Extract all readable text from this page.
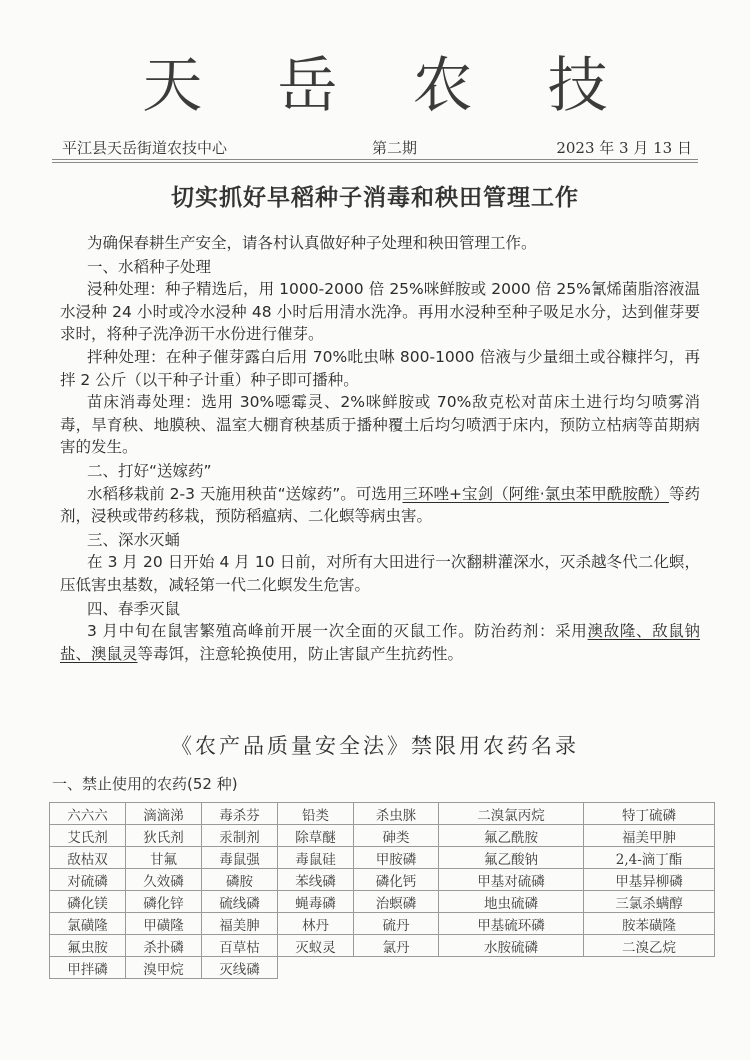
天 岳 农 技
平江县天岳街道农技中心	第二期	2023 年 3 月 13 日
切实抓好早稻种子消毒和秧田管理工作

为确保春耕生产安全，请各村认真做好种子处理和秧田管理工作。

一、水稻种子处理

浸种处理：种子精选后，用 1000-2000 倍 25%咪鲜胺或 2000 倍 25%氰烯菌脂溶液温水浸种 24 小时或冷水浸种 48 小时后用清水洗净。再用水浸种至种子吸足水分，达到催芽要求时，将种子洗净沥干水份进行催芽。

拌种处理：在种子催芽露白后用 70%吡虫啉 800-1000 倍液与少量细土或谷糠拌匀，再拌 2 公斤（以干种子计重）种子即可播种。

苗床消毒处理：选用 30%噁霉灵、2%咪鲜胺或 70%敌克松对苗床土进行均匀喷雾消毒，旱育秧、地膜秧、温室大棚育秧基质于播种覆土后均匀喷洒于床内，预防立枯病等苗期病害的发生。

二、打好“送嫁药”

水稻移栽前 2-3 天施用秧苗“送嫁药”。可选用三环唑+宝剑（阿维·氯虫苯甲酰胺酰）等药剂，浸秧或带药移栽，预防稻瘟病、二化螟等病虫害。

三、深水灭蛹

在 3 月 20 日开始 4 月 10 日前，对所有大田进行一次翻耕灌深水，灭杀越冬代二化螟，压低害虫基数，减轻第一代二化螟发生危害。

四、春季灭鼠

3 月中旬在鼠害繁殖高峰前开展一次全面的灭鼠工作。防治药剂：采用澳敌隆、敌鼠钠盐、澳鼠灵等毒饵，注意轮换使用，防止害鼠产生抗药性。

《农产品质量安全法》禁限用农药名录
一、禁止使用的农药(52 种)
六六六	滴滴涕	毒杀芬	铅类	杀虫脒	二溴氯丙烷	特丁硫磷
艾氏剂	狄氏剂	汞制剂	除草醚	砷类	氟乙酰胺	福美甲胂
敌枯双	甘氟	毒鼠强	毒鼠硅	甲胺磷	氟乙酸钠	2,4-滴丁酯
对硫磷	久效磷	磷胺	苯线磷	磷化钙	甲基对硫磷	甲基异柳磷
磷化镁	磷化锌	硫线磷	蝇毒磷	治螟磷	地虫硫磷	三氯杀螨醇
氯磺隆	甲磺隆	福美胂	林丹	硫丹	甲基硫环磷	胺苯磺隆
氟虫胺	杀扑磷	百草枯	灭蚁灵	氯丹	水胺硫磷	二溴乙烷
甲拌磷	溴甲烷	灭线磷				
